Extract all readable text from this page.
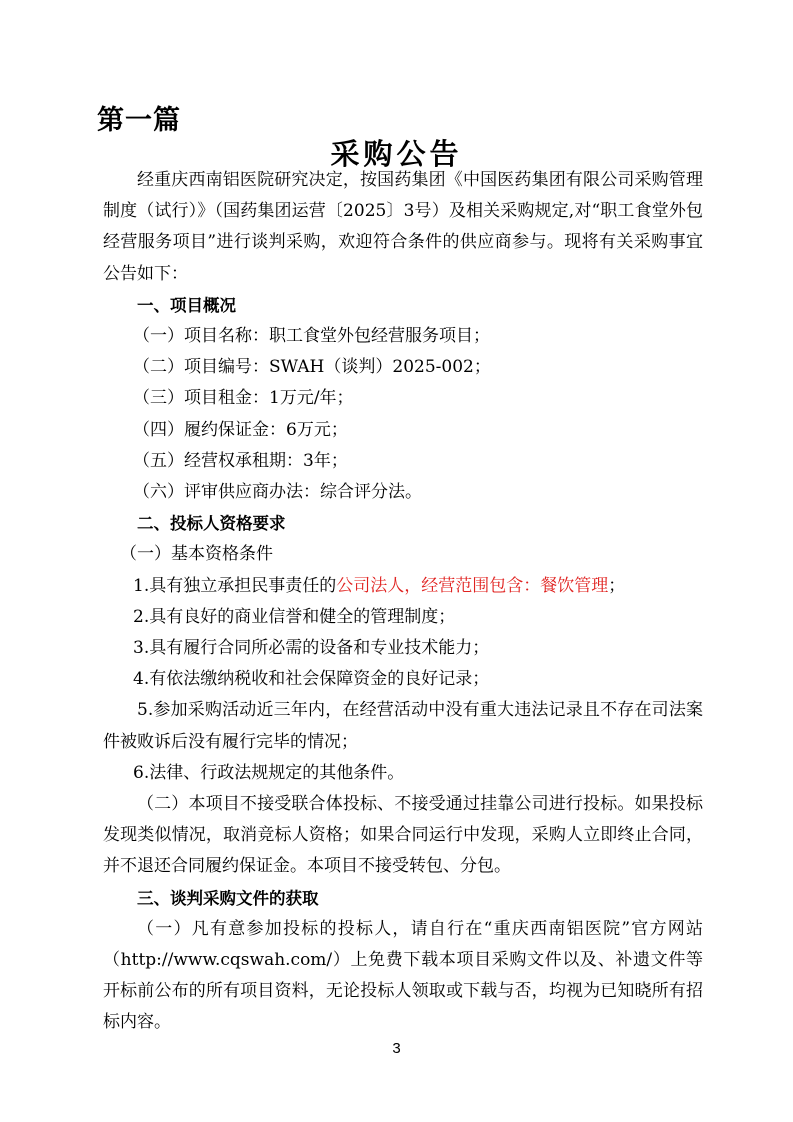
第一篇
采购公告

经重庆西南铝医院研究决定，按国药集团《中国医药集团有限公司采购管理制度（试行）》（国药集团运营〔2025〕3号）及相关采购规定,对“职工食堂外包经营服务项目”进行谈判采购，欢迎符合条件的供应商参与。现将有关采购事宜公告如下：

一、项目概况

（一）项目名称：职工食堂外包经营服务项目；

（二）项目编号：SWAH（谈判）2025-002；

（三）项目租金：1万元/年；

（四）履约保证金：6万元；

（五）经营权承租期：3年；

（六）评审供应商办法：综合评分法。

二、投标人资格要求

（一）基本资格条件

1.具有独立承担民事责任的公司法人，经营范围包含：餐饮管理；

2.具有良好的商业信誉和健全的管理制度；

3.具有履行合同所必需的设备和专业技术能力；

4.有依法缴纳税收和社会保障资金的良好记录；

5.参加采购活动近三年内，在经营活动中没有重大违法记录且不存在司法案件被败诉后没有履行完毕的情况；

6.法律、行政法规规定的其他条件。

（二）本项目不接受联合体投标、不接受通过挂靠公司进行投标。如果投标发现类似情况，取消竞标人资格；如果合同运行中发现，采购人立即终止合同，并不退还合同履约保证金。本项目不接受转包、分包。

三、谈判采购文件的获取

（一）凡有意参加投标的投标人，请自行在“重庆西南铝医院”官方网站（http://www.cqswah.com/）上免费下载本项目采购文件以及、补遗文件等开标前公布的所有项目资料，无论投标人领取或下载与否，均视为已知晓所有招标内容。

3
